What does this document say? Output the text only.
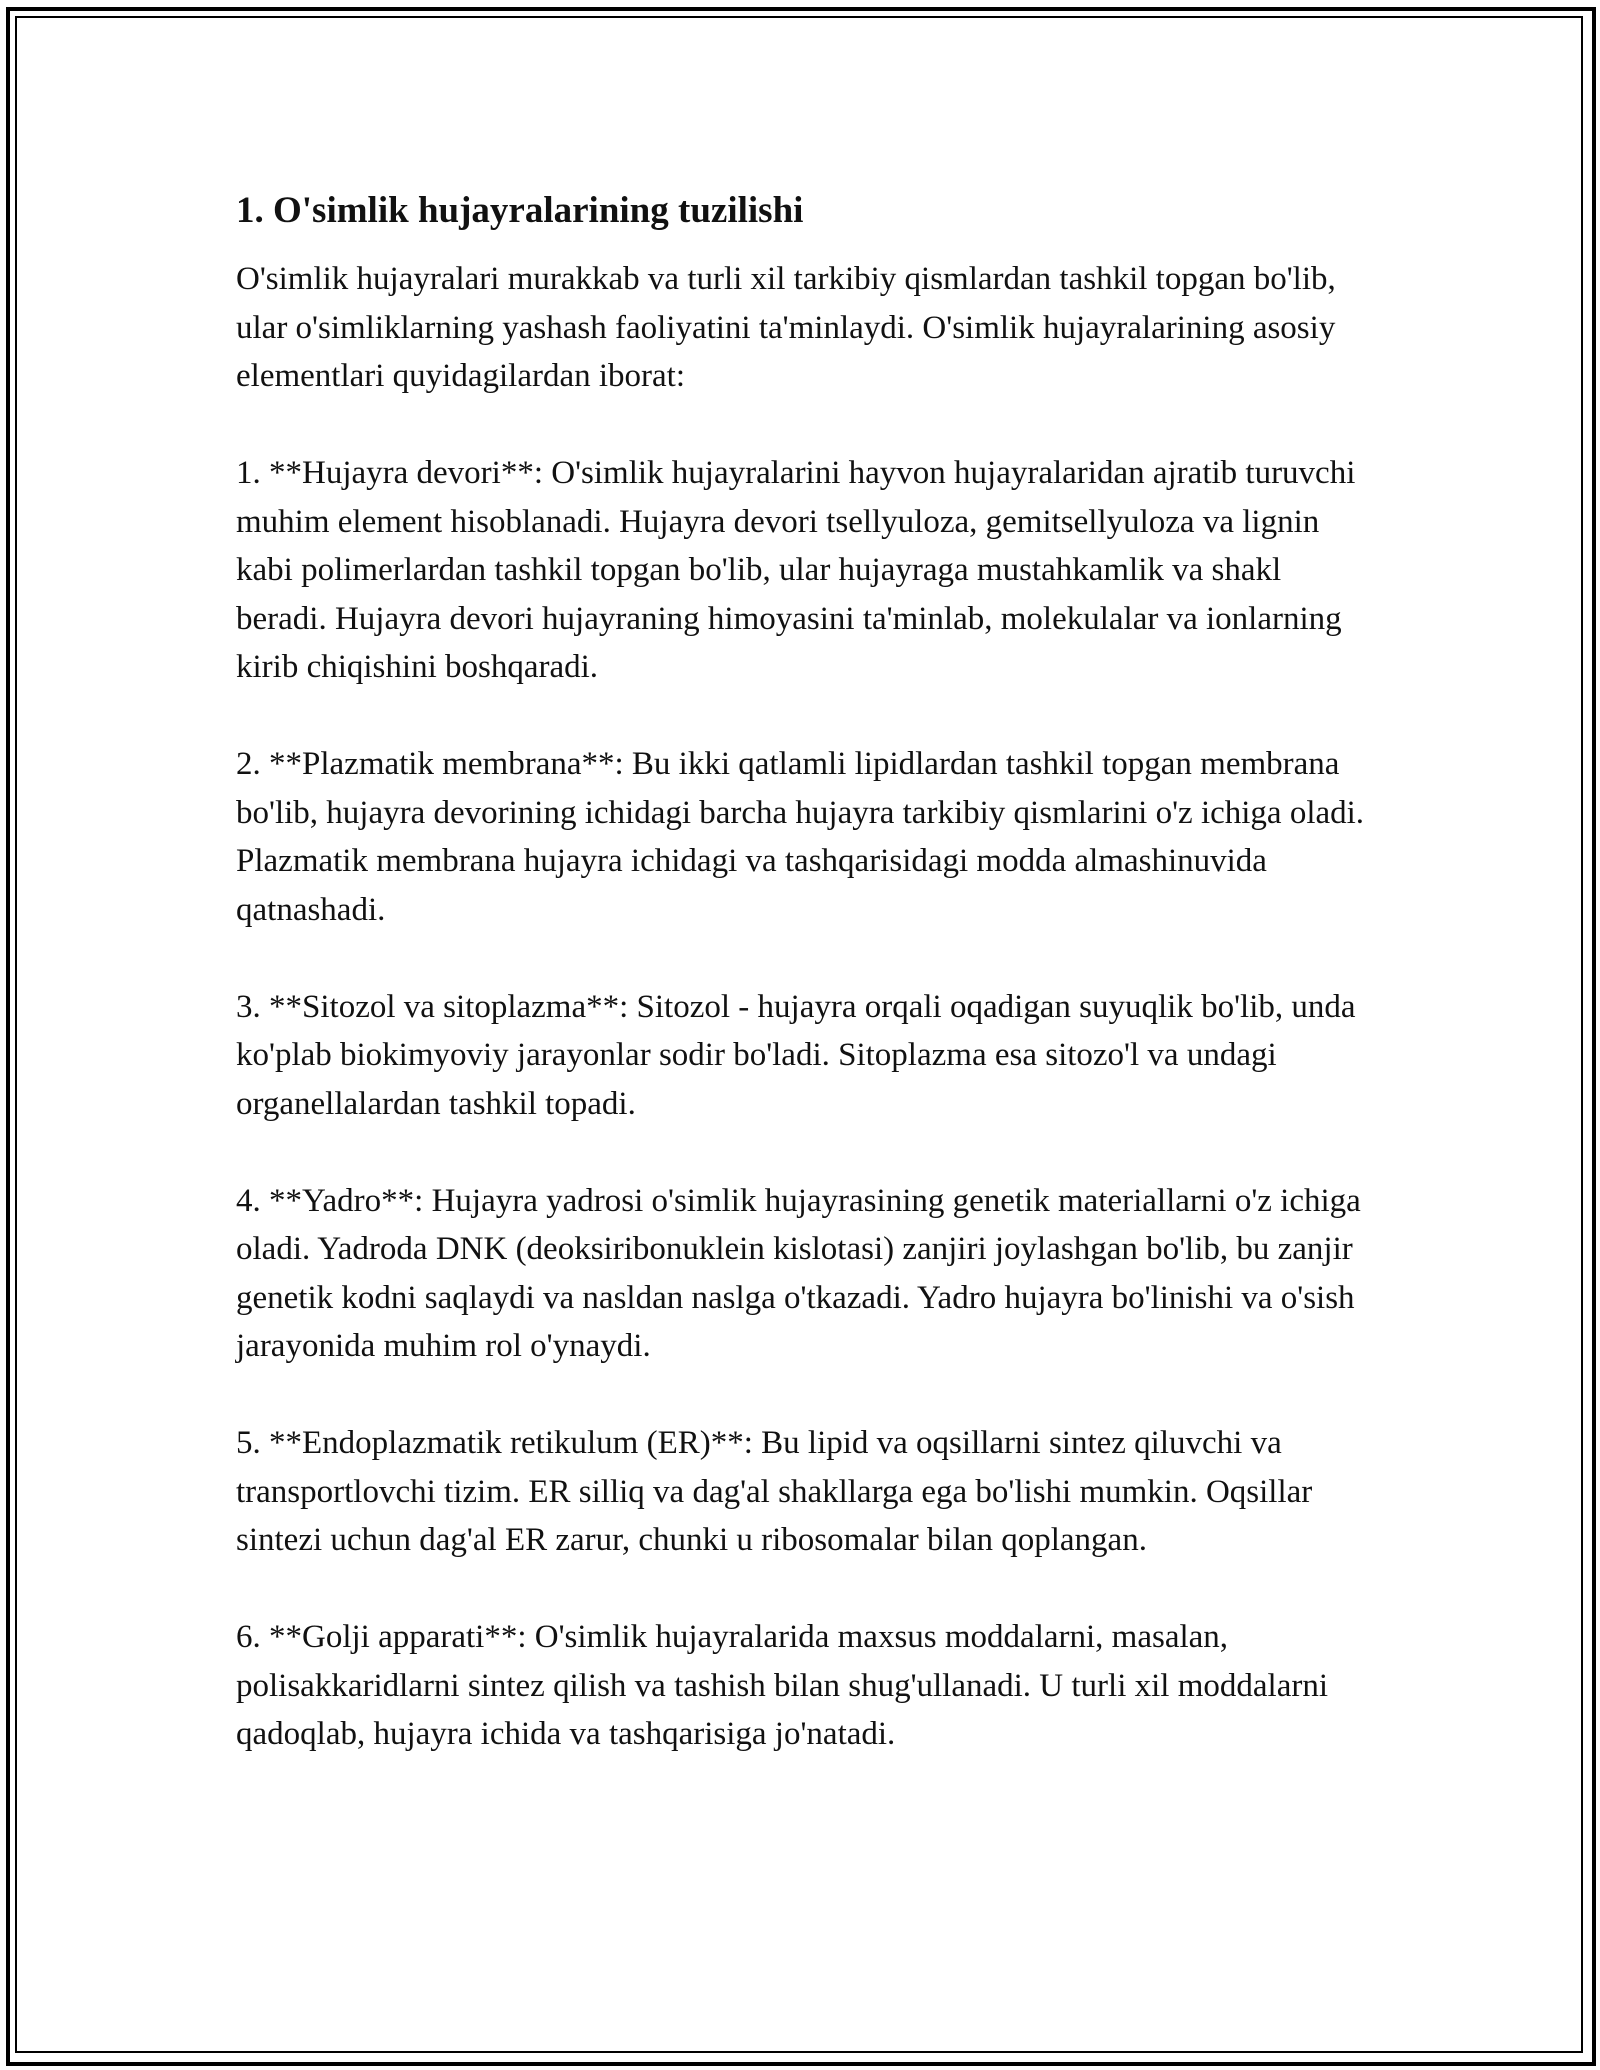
1. O'simlik hujayralarining tuzilishi

O'simlik hujayralari murakkab va turli xil tarkibiy qismlardan tashkil topgan bo'lib, ular o'simliklarning yashash faoliyatini ta'minlaydi. O'simlik hujayralarining asosiy elementlari quyidagilardan iborat:

1. **Hujayra devori**: O'simlik hujayralarini hayvon hujayralaridan ajratib turuvchi muhim element hisoblanadi. Hujayra devori tsellyuloza, gemitsellyuloza va lignin kabi polimerlardan tashkil topgan bo'lib, ular hujayraga mustahkamlik va shakl beradi. Hujayra devori hujayraning himoyasini ta'minlab, molekulalar va ionlarning kirib chiqishini boshqaradi.

2. **Plazmatik membrana**: Bu ikki qatlamli lipidlardan tashkil topgan membrana bo'lib, hujayra devorining ichidagi barcha hujayra tarkibiy qismlarini o'z ichiga oladi. Plazmatik membrana hujayra ichidagi va tashqarisidagi modda almashinuvida qatnashadi.

3. **Sitozol va sitoplazma**: Sitozol - hujayra orqali oqadigan suyuqlik bo'lib, unda ko'plab biokimyoviy jarayonlar sodir bo'ladi. Sitoplazma esa sitozo'l va undagi organellalardan tashkil topadi.

4. **Yadro**: Hujayra yadrosi o'simlik hujayrasining genetik materiallarni o'z ichiga oladi. Yadroda DNK (deoksiribonuklein kislotasi) zanjiri joylashgan bo'lib, bu zanjir genetik kodni saqlaydi va nasldan naslga o'tkazadi. Yadro hujayra bo'linishi va o'sish jarayonida muhim rol o'ynaydi.

5. **Endoplazmatik retikulum (ER)**: Bu lipid va oqsillarni sintez qiluvchi va transportlovchi tizim. ER silliq va dag'al shakllarga ega bo'lishi mumkin. Oqsillar sintezi uchun dag'al ER zarur, chunki u ribosomalar bilan qoplangan.

6. **Golji apparati**: O'simlik hujayralarida maxsus moddalarni, masalan, polisakkaridlarni sintez qilish va tashish bilan shug'ullanadi. U turli xil moddalarni qadoqlab, hujayra ichida va tashqarisiga jo'natadi.
